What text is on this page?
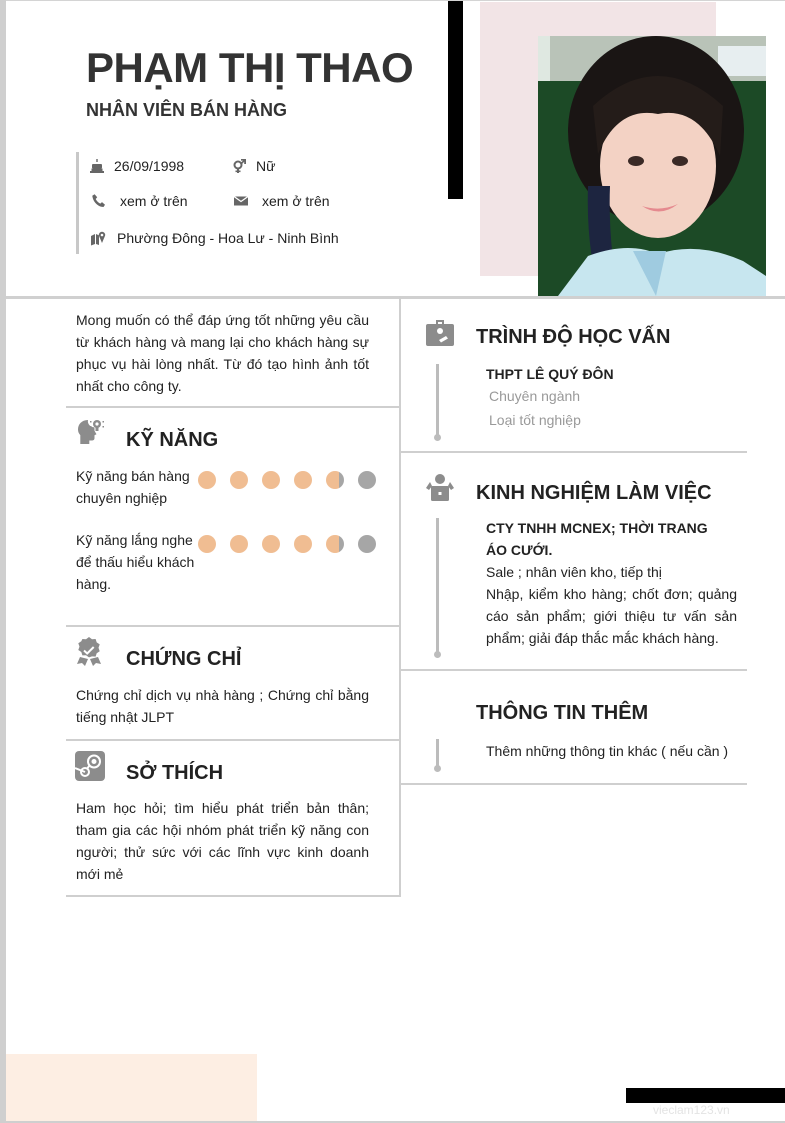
PHẠM THỊ THAO
NHÂN VIÊN BÁN HÀNG
26/09/1998	Nữ
xem ở trên	xem ở trên
Phường Đông - Hoa Lư - Ninh Bình
Mong muốn có thể đáp ứng tốt những yêu cầu từ khách hàng và mang lại cho khách hàng sự phục vụ hài lòng nhất. Từ đó tạo hình ảnh tốt nhất cho công ty.
KỸ NĂNG
Kỹ năng bán hàng chuyên nghiệp
Kỹ năng lắng nghe để thấu hiểu khách hàng.
CHỨNG CHỈ
Chứng chỉ dịch vụ nhà hàng ; Chứng chỉ bằng tiếng nhật JLPT
SỞ THÍCH
Ham học hỏi; tìm hiểu phát triển bản thân; tham gia các hội nhóm phát triển kỹ năng con người; thử sức với các lĩnh vực kinh doanh mới mẻ
TRÌNH ĐỘ HỌC VẤN
THPT LÊ QUÝ ĐÔN
Chuyên ngành
Loại tốt nghiệp
KINH NGHIỆM LÀM VIỆC
CTY TNHH MCNEX; THỜI TRANG ÁO CƯỚI.
Sale ; nhân viên kho, tiếp thị
Nhập, kiểm kho hàng; chốt đơn; quảng cáo sản phẩm; giới thiệu tư vấn sản phẩm; giải đáp thắc mắc khách hàng.
THÔNG TIN THÊM
Thêm những thông tin khác ( nếu cần )
vieclam123.vn
